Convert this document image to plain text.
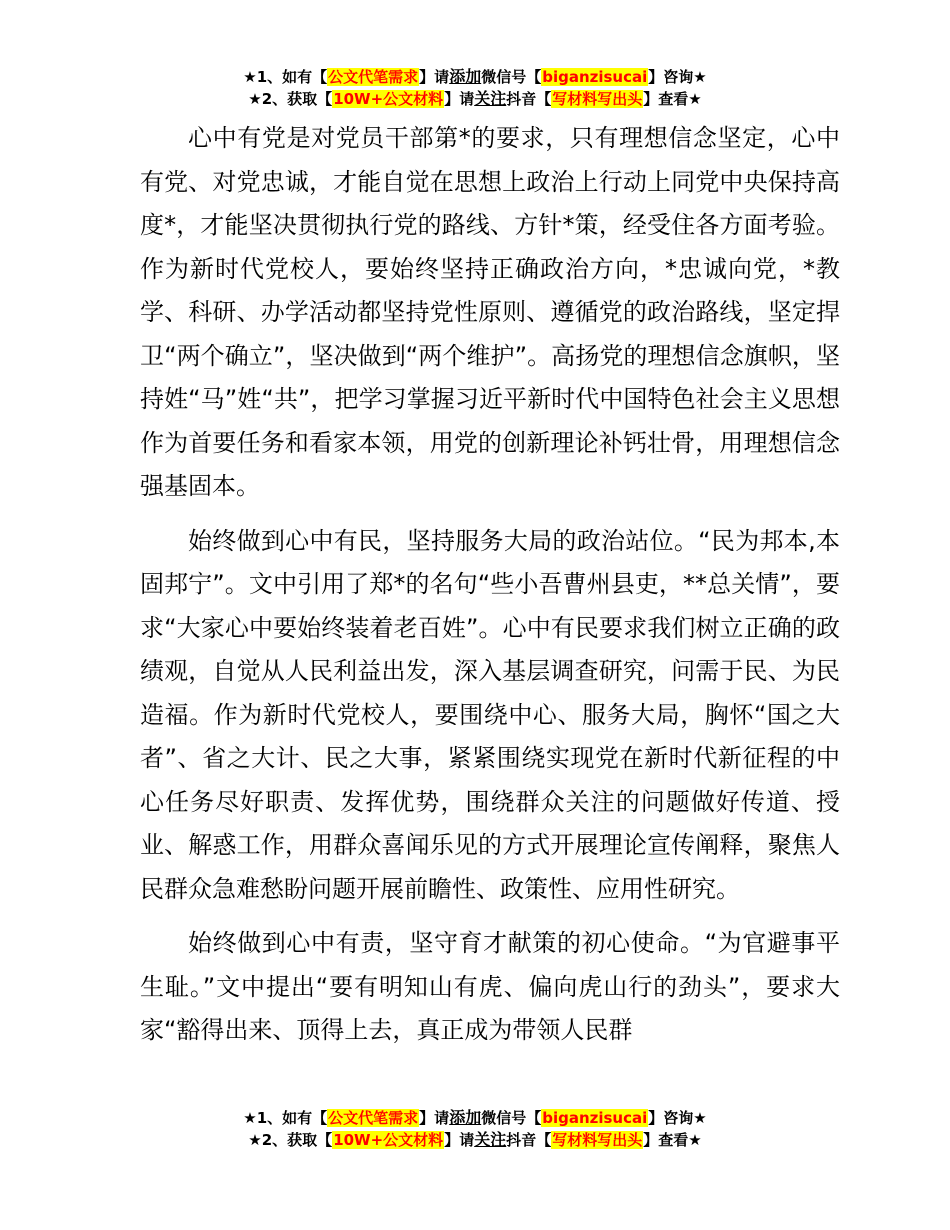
★1、如有【公文代笔需求】请添加微信号【biganzisucai】咨询★
★2、获取【10W+公文材料】请关注抖音【写材料写出头】查看★

心中有党是对党员干部第*的要求，只有理想信念坚定，心中有党、对党忠诚，才能自觉在思想上政治上行动上同党中央保持高度*，才能坚决贯彻执行党的路线、方针*策，经受住各方面考验。作为新时代党校人，要始终坚持正确政治方向，*忠诚向党，*教学、科研、办学活动都坚持党性原则、遵循党的政治路线，坚定捍卫“两个确立”，坚决做到“两个维护”。高扬党的理想信念旗帜，坚持姓“马”姓“共”，把学习掌握习近平新时代中国特色社会主义思想作为首要任务和看家本领，用党的创新理论补钙壮骨，用理想信念强基固本。

始终做到心中有民，坚持服务大局的政治站位。“民为邦本,本固邦宁”。文中引用了郑*的名句“些小吾曹州县吏，**总关情”，要求“大家心中要始终装着老百姓”。心中有民要求我们树立正确的政绩观，自觉从人民利益出发，深入基层调查研究，问需于民、为民造福。作为新时代党校人，要围绕中心、服务大局，胸怀“国之大者”、省之大计、民之大事，紧紧围绕实现党在新时代新征程的中心任务尽好职责、发挥优势，围绕群众关注的问题做好传道、授业、解惑工作，用群众喜闻乐见的方式开展理论宣传阐释，聚焦人民群众急难愁盼问题开展前瞻性、政策性、应用性研究。

始终做到心中有责，坚守育才献策的初心使命。“为官避事平生耻。”文中提出“要有明知山有虎、偏向虎山行的劲头”，要求大家“豁得出来、顶得上去，真正成为带领人民群

★1、如有【公文代笔需求】请添加微信号【biganzisucai】咨询★
★2、获取【10W+公文材料】请关注抖音【写材料写出头】查看★
